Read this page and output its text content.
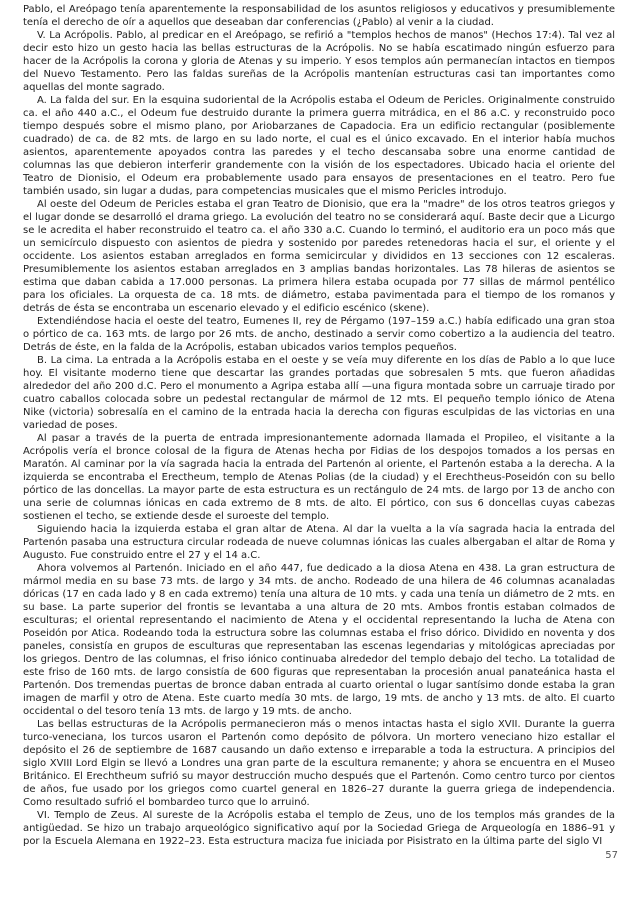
Pablo, el Areópago tenía aparentemente la responsabilidad de los asuntos religiosos y educativos y presumiblemente tenía el derecho de oír a aquellos que deseaban dar conferencias (¿Pablo) al venir a la ciudad.

V. La Acrópolis. Pablo, al predicar en el Areópago, se refirió a "templos hechos de manos" (Hechos 17:4). Tal vez al decir esto hizo un gesto hacia las bellas estructuras de la Acrópolis. No se había escatimado ningún esfuerzo para hacer de la Acrópolis la corona y gloria de Atenas y su imperio. Y esos templos aún permanecían intactos en tiempos del Nuevo Testamento. Pero las faldas sureñas de la Acrópolis mantenían estructuras casi tan importantes como aquellas del monte sagrado.

A. La falda del sur. En la esquina sudoriental de la Acrópolis estaba el Odeum de Pericles. Originalmente construido ca. el año 440 a.C., el Odeum fue destruido durante la primera guerra mitrádica, en el 86 a.C. y reconstruido poco tiempo después sobre el mismo plano, por Ariobarzanes de Capadocia. Era un edificio rectangular (posiblemente cuadrado) de ca. de 82 mts. de largo en su lado norte, el cual es el único excavado. En el interior había muchos asientos, aparentemente apoyados contra las paredes y el techo descansaba sobre una enorme cantidad de columnas las que debieron interferir grandemente con la visión de los espectadores. Ubicado hacia el oriente del Teatro de Dionisio, el Odeum era probablemente usado para ensayos de presentaciones en el teatro. Pero fue también usado, sin lugar a dudas, para competencias musicales que el mismo Pericles introdujo.

Al oeste del Odeum de Pericles estaba el gran Teatro de Dionisio, que era la "madre" de los otros teatros griegos y el lugar donde se desarrolló el drama griego. La evolución del teatro no se considerará aquí. Baste decir que a Licurgo se le acredita el haber reconstruido el teatro ca. el año 330 a.C. Cuando lo terminó, el auditorio era un poco más que un semicírculo dispuesto con asientos de piedra y sostenido por paredes retenedoras hacia el sur, el oriente y el occidente. Los asientos estaban arreglados en forma semicircular y divididos en 13 secciones con 12 escaleras. Presumiblemente los asientos estaban arreglados en 3 amplias bandas horizontales. Las 78 hileras de asientos se estima que daban cabida a 17.000 personas. La primera hilera estaba ocupada por 77 sillas de mármol pentélico para los oficiales. La orquesta de ca. 18 mts. de diámetro, estaba pavimentada para el tiempo de los romanos y detrás de ésta se encontraba un escenario elevado y el edificio escénico (skene).

Extendiéndose hacia el oeste del teatro, Eumenes II, rey de Pérgamo (197–159 a.C.) había edificado una gran stoa o pórtico de ca. 163 mts. de largo por 26 mts. de ancho, destinado a servir como cobertizo a la audiencia del teatro. Detrás de éste, en la falda de la Acrópolis, estaban ubicados varios templos pequeños.

B. La cima. La entrada a la Acrópolis estaba en el oeste y se veía muy diferente en los días de Pablo a lo que luce hoy. El visitante moderno tiene que descartar las grandes portadas que sobresalen 5 mts. que fueron añadidas alrededor del año 200 d.C. Pero el monumento a Agripa estaba allí —una figura montada sobre un carruaje tirado por cuatro caballos colocada sobre un pedestal rectangular de mármol de 12 mts. El pequeño templo iónico de Atena Nike (victoria) sobresalía en el camino de la entrada hacia la derecha con figuras esculpidas de las victorias en una variedad de poses.

Al pasar a través de la puerta de entrada impresionantemente adornada llamada el Propileo, el visitante a la Acrópolis vería el bronce colosal de la figura de Atenas hecha por Fidias de los despojos tomados a los persas en Maratón. Al caminar por la vía sagrada hacia la entrada del Partenón al oriente, el Partenón estaba a la derecha. A la izquierda se encontraba el Erectheum, templo de Atenas Polias (de la ciudad) y el Erechtheus-Poseidón con su bello pórtico de las doncellas. La mayor parte de esta estructura es un rectángulo de 24 mts. de largo por 13 de ancho con una serie de columnas iónicas en cada extremo de 8 mts. de alto. El pórtico, con sus 6 doncellas cuyas cabezas sostienen el techo, se extiende desde el suroeste del templo.

Siguiendo hacia la izquierda estaba el gran altar de Atena. Al dar la vuelta a la vía sagrada hacia la entrada del Partenón pasaba una estructura circular rodeada de nueve columnas iónicas las cuales albergaban el altar de Roma y Augusto. Fue construido entre el 27 y el 14 a.C.

Ahora volvemos al Partenón. Iniciado en el año 447, fue dedicado a la diosa Atena en 438. La gran estructura de mármol media en su base 73 mts. de largo y 34 mts. de ancho. Rodeado de una hilera de 46 columnas acanaladas dóricas (17 en cada lado y 8 en cada extremo) tenía una altura de 10 mts. y cada una tenía un diámetro de 2 mts. en su base. La parte superior del frontis se levantaba a una altura de 20 mts. Ambos frontis estaban colmados de esculturas; el oriental representando el nacimiento de Atena y el occidental representando la lucha de Atena con Poseidón por Atica. Rodeando toda la estructura sobre las columnas estaba el friso dórico. Dividido en noventa y dos paneles, consistía en grupos de esculturas que representaban las escenas legendarias y mitológicas apreciadas por los griegos. Dentro de las columnas, el friso iónico continuaba alrededor del templo debajo del techo. La totalidad de este friso de 160 mts. de largo consistía de 600 figuras que representaban la procesión anual panateánica hasta el Partenón. Dos tremendas puertas de bronce daban entrada al cuarto oriental o lugar santísimo donde estaba la gran imagen de marfil y otro de Atena. Este cuarto medía 30 mts. de largo, 19 mts. de ancho y 13 mts. de alto. El cuarto occidental o del tesoro tenía 13 mts. de largo y 19 mts. de ancho.

Las bellas estructuras de la Acrópolis permanecieron más o menos intactas hasta el siglo XVII. Durante la guerra turco-veneciana, los turcos usaron el Partenón como depósito de pólvora. Un mortero veneciano hizo estallar el depósito el 26 de septiembre de 1687 causando un daño extenso e irreparable a toda la estructura. A principios del siglo XVIII Lord Elgin se llevó a Londres una gran parte de la escultura remanente; y ahora se encuentra en el Museo Británico. El Erechtheum sufrió su mayor destrucción mucho después que el Partenón. Como centro turco por cientos de años, fue usado por los griegos como cuartel general en 1826–27 durante la guerra griega de independencia. Como resultado sufrió el bombardeo turco que lo arruinó.

VI. Templo de Zeus. Al sureste de la Acrópolis estaba el templo de Zeus, uno de los templos más grandes de la antigüedad. Se hizo un trabajo arqueológico significativo aquí por la Sociedad Griega de Arqueología en 1886–91 y por la Escuela Alemana en 1922–23. Esta estructura maciza fue iniciada por Pisistrato en la última parte del siglo VI

57
